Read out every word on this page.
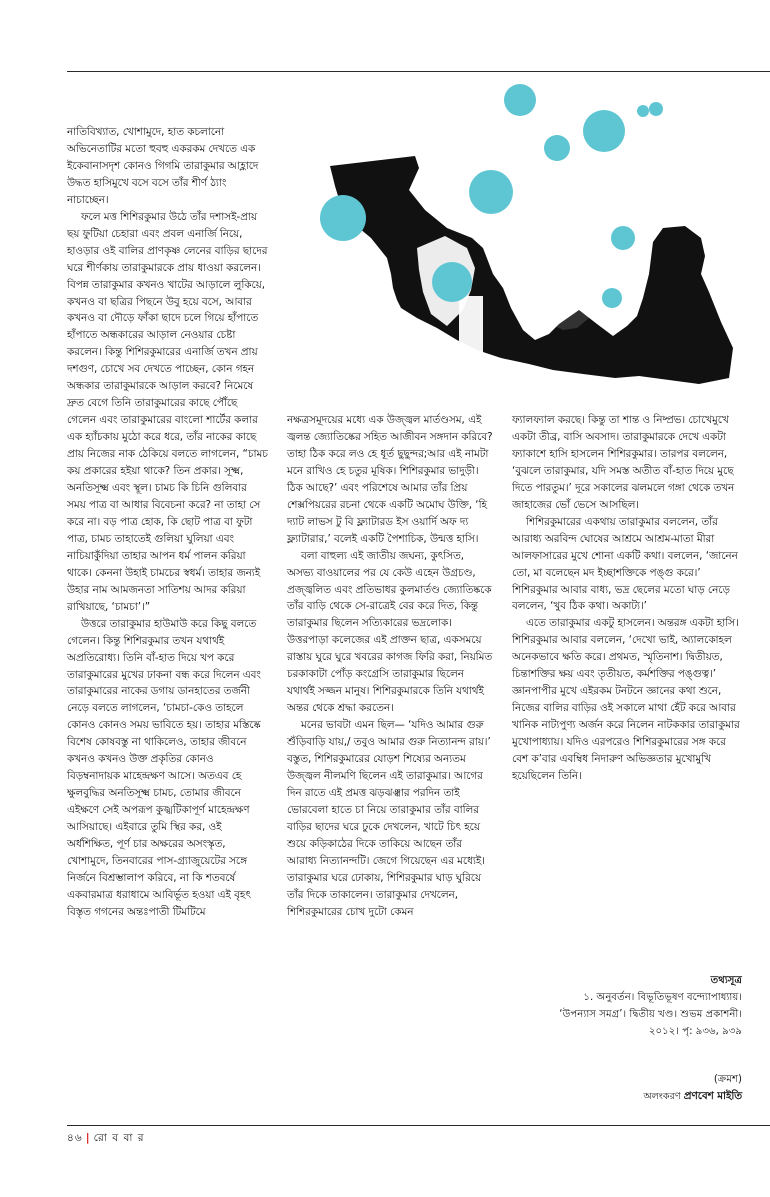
নাতিবিখ্যাত, খোশামুদে, হাত কচলানো অভিনেতাটির মতো হুবহু একরকম দেখতে এক ইকেবানাসদৃশ কোনও গিগমি তারাকুমার আহ্লাদে উদ্ধত হাসিমুখে বসে বসে তাঁর শীর্ণ ঠ্যাং নাচাচ্ছেন।

ফলে মত্ত শিশিরকুমার উঠে তাঁর দশাসই-প্রায় ছয় ফুটিয়া চেহারা এবং প্রবল এনার্জি নিয়ে, হাওড়ার ওই বালির প্রাণকৃষ্ণ লেনের বাড়ির ছাদের ঘরে শীর্ণকায় তারাকুমারকে প্রায় ধাওয়া করলেন। বিপন্ন তারাকুমার কখনও খাটের আড়ালে লুকিয়ে, কখনও বা ছত্রির পিছনে উবু হয়ে বসে, আবার কখনও বা দৌড়ে ফাঁকা ছাদে চলে গিয়ে হাঁপাতে হাঁপাতে অন্ধকারের আড়াল নেওয়ার চেষ্টা করলেন। কিন্তু শিশিরকুমারের এনার্জি তখন প্রায় দশগুণ, চোখে সব দেখতে পাচ্ছেন, কোন গহন অন্ধকার তারাকুমারকে আড়াল করবে? নিমেষে দ্রুত বেগে তিনি তারাকুমারের কাছে পৌঁছে গেলেন এবং তারাকুমারের বাংলো শার্টের কলার এক হ্যাঁচকায় মুঠো করে ধরে, তাঁর নাকের কাছে প্রায় নিজের নাক ঠেকিয়ে বলতে লাগলেন, “চামচ কয় প্রকারের হইয়া থাকে? তিন প্রকার। সূক্ষ্ম, অনতিসূক্ষ্ম এবং স্থূল। চামচ কি চিনি গুলিবার সময় পাত্র বা আধার বিবেচনা করে? না তাহা সে করে না। বড় পাত্র হোক, কি ছোট পাত্র বা ফুটা পাত্র, চামচ তাহাতেই গুলিয়া ঘুলিয়া এবং নাচিয়াকুঁদিয়া তাহার আপন ধর্ম পালন করিয়া থাকে। কেননা উহাই চামচের স্বধর্ম। তাহার জন্যই উহার নাম আমজনতা সাতিশয় আদর করিয়া রাখিয়াছে, ‘চামচা’।”

উত্তরে তারাকুমার হাউমাউ করে কিছু বলতে গেলেন। কিন্তু শিশিরকুমার তখন যথার্থই অপ্রতিরোধ্য। তিনি বাঁ-হাত দিয়ে খপ করে তারাকুমারের মুখের ঢাকনা বন্ধ করে দিলেন এবং তারাকুমারের নাকের ডগায় ডানহাতের তর্জনী নেড়ে বলতে লাগলেন, ‘চামচা-কেও তাহলে কোনও কোনও সময় ভাবিতে হয়। তাহার মস্তিষ্কে বিশেষ কোষবস্তু না থাকিলেও, তাহার জীবনে কখনও কখনও উক্ত প্রকৃতির কোনও বিড়ম্বনাদায়ক মাহেন্দ্রক্ষণ আসে। অতএব হে ক্ষুলবুদ্ধির অনতিসূক্ষ্ম চামচ, তোমার জীবনে এইক্ষণে সেই অপরূপ কুজ্ঝটিকাপূর্ণ মাহেন্দ্রক্ষণ আসিয়াছে। এইবারে তুমি স্থির কর, ওই অর্ধশিক্ষিত, পূর্ণ চার অক্ষরের অসংস্কৃত, খোশামুদে, তিনবারের পাস-গ্র্যাজুয়েটের সঙ্গে নির্জনে বিশ্রম্ভালাপ করিবে, না কি শতবর্ষে একবারমাত্র ধরাধামে আবির্ভূত হওয়া এই বৃহৎ বিস্তৃত গগনের অন্তঃপাতী টিমটিমে

নক্ষত্রসমূদয়ের মধ্যে এক উজ্জ্বল মার্তণ্ডসম, এই জ্বলন্ত জ্যোতিষ্কের সহিত আজীবন সঙ্গদান করিবে? তাহা ঠিক করে লও হে ধূর্ত ছুছুন্দর;আর এই নামটা মনে রাখিও হে চতুর মূষিক। শিশিরকুমার ভাদুড়ী। ঠিক আছে?’ এবং পরিশেষে আমার তাঁর প্রিয় শেক্সপিয়রের রচনা থেকে একটি অমোঘ উক্তি, ‘হি দ্যাট লাভস টু বি ফ্ল্যাটারড ইস ওয়ার্দি অফ দ্য ফ্ল্যাটারার,’ বলেই একটি পৈশাচিক, উন্মত্ত হাসি।

বলা বাহুল্য এই জাতীয় জঘন্য, কুৎসিত, অসভ্য বাওয়ালের পর যে কেউ এহেন উগ্রচণ্ড, প্রজ্জ্বলিত এবং প্রতিভাধর কুলমার্তণ্ড জ্যোতিষ্ককে তাঁর বাড়ি থেকে সে-রাত্রেই বের করে দিত, কিন্তু তারাকুমার ছিলেন সত্যিকারের ভদ্রলোক। উত্তরপাড়া কলেজের এই প্রাক্তন ছাত্র, একসময়ে রাস্তায় ঘুরে ঘুরে খবরের কাগজ ফিরি করা, নিয়মিত চরকাকাটা পোঁড় কংগ্রেসি তারাকুমার ছিলেন যথার্থই সজ্জন মানুষ। শিশিরকুমারকে তিনি যথার্থই অন্তর থেকে শ্রদ্ধা করতেন।

মনের ভাবটা এমন ছিল— ‘যদিও আমার গুরু শুঁড়িবাড়ি যায়,/ তবুও আমার গুরু নিত্যানন্দ রায়।’ বস্তুত, শিশিরকুমারের যোড়শ শিষ্যের অন্যতম উজ্জ্বল নীলমণি ছিলেন এই তারাকুমার। আগের দিন রাতে এই প্রমত্ত ঝড়ঝঞ্ঝার পরদিন তাই ভোরবেলা হাতে চা নিয়ে তারাকুমার তাঁর বালির বাড়ির ছাদের ঘরে ঢুকে দেখলেন, খাটে চিৎ হয়ে শুয়ে কড়িকাঠের দিকে তাকিয়ে আছেন তাঁর আরাধ্য নিত্যানন্দটি। জেগে গিয়েছেন এর মধ্যেই। তারাকুমার ঘরে ঢোকায়, শিশিরকুমার ঘাড় ঘুরিয়ে তাঁর দিকে তাকালেন। তারাকুমার দেখলেন, শিশিরকুমারের চোখ দুটো কেমন

ফ্যালফ্যাল করছে। কিন্তু তা শান্ত ও নিষ্প্রভ। চোখেমুখে একটা তীব্র, বাসি অবসাদ। তারাকুমারকে দেখে একটা ফ্যাকাশে হাসি হাসলেন শিশিরকুমার। তারপর বললেন, ‘বুঝলে তারাকুমার, যদি সমস্ত অতীত বাঁ-হাত দিয়ে মুছে দিতে পারতুম।’ দূরে সকালের ঝলমলে গঙ্গা থেকে তখন জাহাজের ভোঁ ভেসে আসছিল।

শিশিরকুমারের এ‌কথায় তারাকুমার বললেন, তাঁর আরাধ্য অরবিন্দ ঘোষের আশ্রমে আশ্রম-মাতা মীরা আলফাসারের মুখে শোনা একটি কথা। বললেন, ‘জানেন তো, মা বলেছেন মদ ইচ্ছাশক্তিকে পঙ্গু করে।’ শিশিরকুমার আবার বাধ্য, ভদ্র ছেলের মতো ঘাড় নেড়ে বললেন, ‘খুব ঠিক কথা। অকাট্য।’

এতে তারাকুমার একটু হাসলেন। অন্তরঙ্গ একটা হাসি। শিশিরকুমার আবার বললেন, ‘দেখো ভাই, অ্যালকোহল অনেকভাবে ক্ষতি করে। প্রথমত, স্মৃতিনাশ। দ্বিতীয়ত, চিন্তাশক্তির ক্ষয় এবং তৃতীয়ত, কর্মশক্তির পঙ্গুত্ব।’ জ্ঞানপাপীর মুখে এইরকম টনটনে জ্ঞানের কথা শুনে, নিজের বালির বাড়ির ওই সকালে মাথা হেঁট করে আবার খানিক নাট্যপুণ্য অর্জন করে নিলেন নাটককার তারাকুমার মুখোপাধ্যায়। যদিও এরপরেও শিশিরকুমারের সঙ্গ করে বেশ ক’বার এবম্বিধ নিদারুণ অভিজ্ঞতার মুখোমুখি হয়েছিলেন তিনি।

তথ্যসূত্র
১. অনুবর্তন। বিভূতিভূষণ বন্দ্যোপাধ্যায়।
‘উপন্যাস সমগ্র’। দ্বিতীয় খণ্ড। শুভম প্রকাশনী।
২০১২। পৃ: ৯৩৬, ৯৩৯
(ক্রমশ)
অলংকরণ প্রণবেশ মাইতি
৪৬ | রো ব বা র
